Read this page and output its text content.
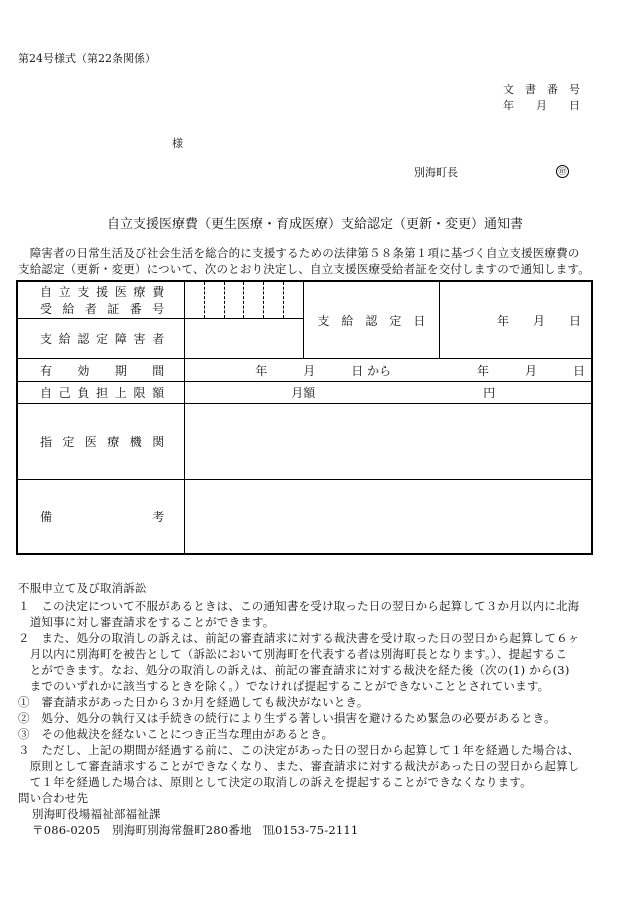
第24号様式（第22条関係）
文　書　番　号
年　　月　　日
様
別海町長	㊞
自立支援医療費（更生医療・育成医療）支給認定（更新・変更）通知書
　障害者の日常生活及び社会生活を総合的に支援するための法律第５８条第１項に基づく自立支援医療費の
支給認定（更新・変更）について、次のとおり決定し、自立支援医療受給者証を交付しますので通知します。
自立支援医療費
受給者証番号		支　給　認　定　日	年　　月　　日

支給認定障害者			

有効期間	年　　　月　　　日 から 年　　　月　　　日		

自己負担上限額	月額　　　　　　　　　　　　　　円		

指定医療機関			

備　　　　　　　　考			

不服申立て及び取消訴訟
１　この決定について不服があるときは、この通知書を受け取った日の翌日から起算して３か月以内に北海
　道知事に対し審査請求をすることができます。
２　また、処分の取消しの訴えは、前記の審査請求に対する裁決書を受け取った日の翌日から起算して６ヶ
　月以内に別海町を被告として（訴訟において別海町を代表する者は別海町長となります。）、提起するこ
　とができます。なお、処分の取消しの訴えは、前記の審査請求に対する裁決を経た後（次の(1) から(3)
　までのいずれかに該当するときを除く。）でなければ提起することができないこととされています。
①　審査請求があった日から３か月を経過しても裁決がないとき。
②　処分、処分の執行又は手続きの続行により生ずる著しい損害を避けるため緊急の必要があるとき。
③　その他裁決を経ないことにつき正当な理由があるとき。
３　ただし、上記の期間が経過する前に、この決定があった日の翌日から起算して１年を経過した場合は、
　原則として審査請求することができなくなり、また、審査請求に対する裁決があった日の翌日から起算し
　て１年を経過した場合は、原則として決定の取消しの訴えを提起することができなくなります。
問い合わせ先
別海町役場福祉部福祉課
〒086-0205　別海町別海常盤町280番地　℡0153-75-2111
